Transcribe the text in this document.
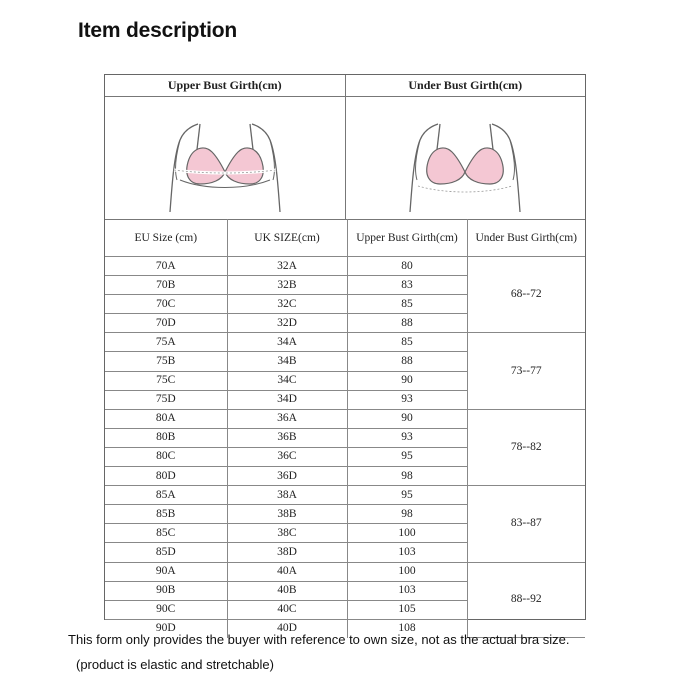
Item description
Upper Bust Girth(cm)	Under Bust Girth(cm)
EU Size (cm)	UK SIZE(cm)	Upper Bust Girth(cm)	Under Bust Girth(cm)
70A	32A	80	68--72
70B	32B	83	
70C	32C	85	
70D	32D	88	
75A	34A	85	73--77
75B	34B	88	
75C	34C	90	
75D	34D	93	
80A	36A	90	78--82
80B	36B	93	
80C	36C	95	
80D	36D	98	
85A	38A	95	83--87
85B	38B	98	
85C	38C	100	
85D	38D	103	
90A	40A	100	88--92
90B	40B	103	
90C	40C	105	
90D	40D	108	
This form only provides the buyer with reference to own size, not as the actual bra size.
(product is elastic and stretchable)
